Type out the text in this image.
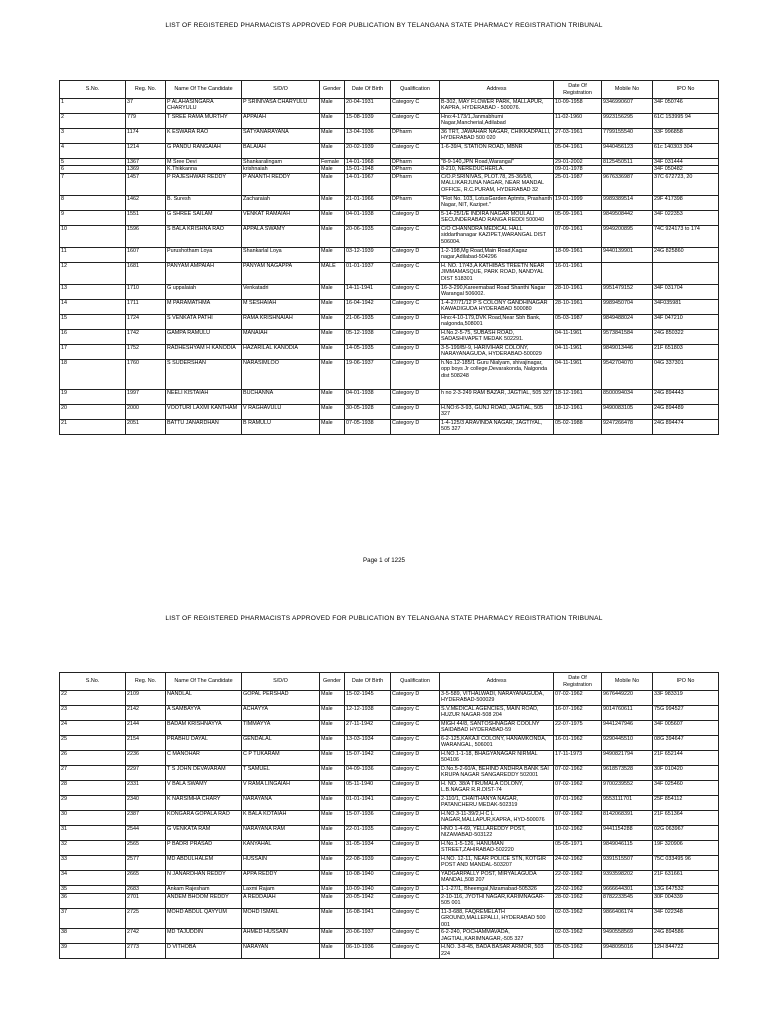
LIST OF REGISTERED PHARMACISTS APPROVED FOR PUBLICATION BY TELANGANA STATE PHARMACY REGISTRATION TRIBUNAL
S.No.	Reg. No.	Name Of The Candidate	S/D/O	Gender	Date Of Birth	Qualification	Address	Date Of Registration	Mobile No	IPO No
1	37	P ALAHASINGARA CHARYULU	P SRINIVASA CHARYULU	Male	20-04-1931	Category C	B-302, MAY FLOWER PARK, MALLAPUR, KAPRA, HYDERABAD - 500076.	10-09-1958	9346990607	34F 050746
2	779	T SREE RAMA MURTHY	APPAIAH	Male	15-08-1939	Category C	Hno:4-173/1,Janmabhumi Nagar,Mancherial,Adilabad	11-02-1960	9923156295	61C 153995 94
3	1174	K ESWARA RAO	SATYANARAYANA	Male	13-04-1936	DPharm	36 TRT, JAWAHAR NAGAR, CHIKKADPALLI, HYDERABAD 500 020	27-03-1961	7799155540	33F 996858
4	1214	G PANDU RANGAIAH	BALAIAH	Male	20-02-1939	Category C	1-6-39/4, STATION ROAD, MBNR	05-04-1961	9440456123	61c 140303 304
5	1367	M Sree Devi	Shankaralingam	Female	14-01-1968	DPharm	"8-9-140,JPN Road,Warangal"	29-01-2002	8125450511	34F 031444
6	1369	K.Thikkanna	krishnaiah	Male	15-01-1948	DPharm	8-210, NEREDUCHERLA.	09-01-1978		34F 050482
7	1457	P RAJESHWAR REDDY	P ANANTH REDDY	Male	14-01-1967	DPharm	C/O.P.SRINIVAS, PLOT.78, 25-36/5/8, MALLIKARJUNA NAGAR, NEAR MANDAL OFFICE, R.C.PURAM, HYDERABAD 32	25-01-1987	9676336987	37C 672723, 20
8	1462	B. Suresh	Zacharaiah	Male	21-01-1966	DPharm	"Flot No. 103, LotusGarden Aptmts, Prashanth Nagar, NIT, Kazipet."	19-01-1999	9989389514	29F 417398
9	1551	G SHREE SAILAM	VENKAT RAMAIAH	Male	04-01-1938	Category D	5-14-25/1/E INDIRA NAGAR MOULALI SECUNDERABAD RANGA REDDI 500040	05-09-1961	9849508442	34F 022353
10	1596	S BALA KRISHNA RAO	APPALA SWAMY	Male	20-06-1935	Category C	C/O CHANNDRA MEDICAL HALL siddarthanagar KAZIPET,WARANGAL DIST 506004.	07-09-1961	9949200895	74C 924173 to 174
11	1607	Purushotham Loya	Shankarlal Loya	Male	03-12-1939	Category D	1-2-198,Mg Road,Main Road,Kagaz nagar,Adilabad-504296	18-09-1961	9440139901	24G 825860
12	1681	PANYAM AMPAIAH	PANYAM NAGAPPA	MALE	01-01-1937	Category C	H. NO. 17/43,A KATHIBAS TREETN NEAR JIMMAMASQUE, PARK ROAD, NANDYAL DIST 518301	16-01-1961		
13	1710	G uppalaiah	Venkatadri	Male	14-11-1941	Category C	16-3-290,Kareemabad Road Shanthi Nagar Warangal 506002.	28-10-1961	9951479152	34F 031704
14	1711	M PARAMATHMA	M SESHAIAH	Male	16-04-1942	Category C	1-4-27/71/12 P S COLONY GANDHINAGAR KAWADIGUDA HYDERABAD 500080	28-10-1961	9989450704	34F035981
15	1724	S VENKATA PATHI	RAMA KRISHNAIAH	Male	21-06-1935	Category D	Hno:4-10-179,DVK Road,Near Sbh Bank, nalgonda,508001	05-03-1987	9849488024	34F 047210
16	1742	GAMPA RAMULU	MANAIAH	Male	05-12-1938	Category D	H.No.2-5-75, SUBASH ROAD, SADASHIVAPET MEDAK 502291.	04-11-1961	9573841584	24G 850322
17	1752	RADHESHYAM H KANODIA	HAZARILAL KANODIA	Male	14-05-1935	Category D	3-5-199/B/-9, HARIVIHAR COLONY, NARAYANAGUDA, HYDERABAD-500029	04-11-1961	9849013446	21F 651803
18	1760	S SUDERSHAN	NARASIMLOO	Male	19-06-1937	Category D	h.No.12-185/1 Guru Nialyam, shivajinagar, opp boys Jr college,Devarakonda, Nalgonda dist 508248	04-11-1961	9542704070	04G 337301
19	1997	NEELI KISTAIAH	BUCHANNA	Male	04-01-1938	Category D	h no 2-3-249 RAM BAZAR, JAGTIAL, 505 327	18-12-1961	8500094034	24G 894443
20	2000	VOOTURI LAXMI KANTHAM	V RAGHAVULU	Male	30-05-1928	Category D	H.NO:6-3-93, GUNJ ROAD, JAGTIAL, 505 327	18-12-1961	9490083105	24G 894489
21	2051	BATTU JANARDHAN	B RAMULU	Male	07-05-1938	Category D	1-4-125/3 ARAVINDA NAGAR, JAGTIYAL, 505 327	05-02-1988	9247266478	24G 894474
Page 1 of 1225
LIST OF REGISTERED PHARMACISTS APPROVED FOR PUBLICATION BY TELANGANA STATE PHARMACY REGISTRATION TRIBUNAL
S.No.	Reg. No.	Name Of The Candidate	S/D/O	Gender	Date Of Birth	Qualification	Address	Date Of Registration	Mobile No	IPO No
22	2109	NANDLAL	GOPAL PERSHAD	Male	15-02-1945	Category D	3-5-589, VITHALWADI, NARAYANAGUDA, HYDERABAD-500029	07-02-1962	9676449220	33F 983319
23	2142	A SAMBAYYA	ACHAYYA	Male	12-12-1938	Category C	S.V.MEDICAL AGENCIES, MAIN ROAD, HUZUR NAGAR-508 204	16-07-1962	9014760611	75G 994527
24	2144	BADAM KRISHNAYYA	TIMMAYYA	Male	27-11-1942	Category C	MIGH 44/8, SANTOSHNAGAR COOLNY SAIDABAD HYDERABAD-59	22-07-1975	9441247946	34F 005607
25	2154	PRABHU DAYAL	GENDALAL	Male	13-03-1934	Category C	6-2-125,KAKAJI COLONY, HANAMKONDA, WARANGAL, 506001	16-01-1962	9290445510	08G 394647
26	2236	C MANOHAR	C P TUKARAM	Male	15-07-1942	Category D	H.NO.1-1-18, BHAGYANAGAR NIRMAL 504106	17-11-1973	9490821794	21F 652144
27	2297	T S JOHN DEVAVARAM	T SAMUEL	Male	04-09-1936	Category C	D.No.5-2-60/A, BEHIND ANDHRA BANK SAI KRUPA NAGAR SANGAREDDY 502001	07-02-1962	9618573528	30F 010420
28	2331	V BALA SWAMY	V RAMA LINGAIAH	Male	05-11-1940	Category D	H. NO. 38/A TIRUMALA COLONY, L.B.NAGAR R.R.DIST-74	07-02-1962	9700239552	34F 025460
29	2340	K NARSIMHA CHARY	NARAYANA	Male	01-01-1941	Category C	2-110/1, CHAITHANYA NAGAR, PATANCHERU MEDAK-502319	07-01-1962	9553111701	25F 854112
30	2387	KONGARA GOPALA RAO	K BALA KOTAIAH	Male	15-07-1936	Category D	H.NO.3-11-39/2,H C L NAGAR,MALLAPUR,KAPRA, HYD-500076	07-02-1962	8142068391	21F 651364
31	2544	G VENKATA RAM	NARAYANA RAM	Male	22-01-1935	Category C	HNO 1-4-69, YELLAREDDY POST, NIZAMABAD-503122	10-02-1962	9441154288	02G 063967
32	2565	P BADRI PRASAD	KANYAHAL	Male	31-05-1934	Category D	H.No.1-5-126, HANUMAN STREET,ZAHIRABAD-502220	05-05-1971	9849046115	19F 320906
33	2577	MD ABDULHALEM	HUSSAIN	Male	22-08-1939	Category C	H.NO. 12-11, NEAR POLICE STN, KOTGIR POST AND MANDAL-503207	24-02-1962	9391515507	75C 033495 96
34	2665	N JANARDHAN REDDY	APPA REDDY	Male	10-08-1940	Category C	YADGARPALLY POST, MIRYALAGUDA MANDAL,508 207	22-02-1962	9393598202	21F 631661
35	2683	Ankam Rajesham	Laxmi Rajam	Male	10-09-1940	Category D	1-1-27/1, Bheemgal,Nizamabad-505326	22-02-1962	9666644301	13G 647532
36	2701	ANDEM BHOOM REDDY	A REDDAIAH	Male	20-05-1942	Category C	2-10-116, JYOTHI NAGAR,KARIMNAGAR-505 001	28-02-1962	8782233545	30F 004339
37	2725	MOHD ABDUL QAYYUM	MOHD ISMAIL	Male	16-08-1941	Category C	11-3-688, FAQREMELATH GROUND,MALLEPALLI, HYDERABAD 500 001	02-03-1962	9866406174	34F 022348
38	2742	MD TAJUDDIN	AHMED HUSSAIN	Male	20-06-1937	Category C	6-2-240, POCHAMMAVADA, JAGTIAL,KARIMNAGAR,-505 327	02-03-1962	9490558569	24G 894586
39	2773	D VITHOBA	NARAYAN	Male	06-10-1936	Category C	H.NO. 3-8-45, BADA BASAR ARMOR, 503 224	05-03-1962	9948095016	12H 844722
